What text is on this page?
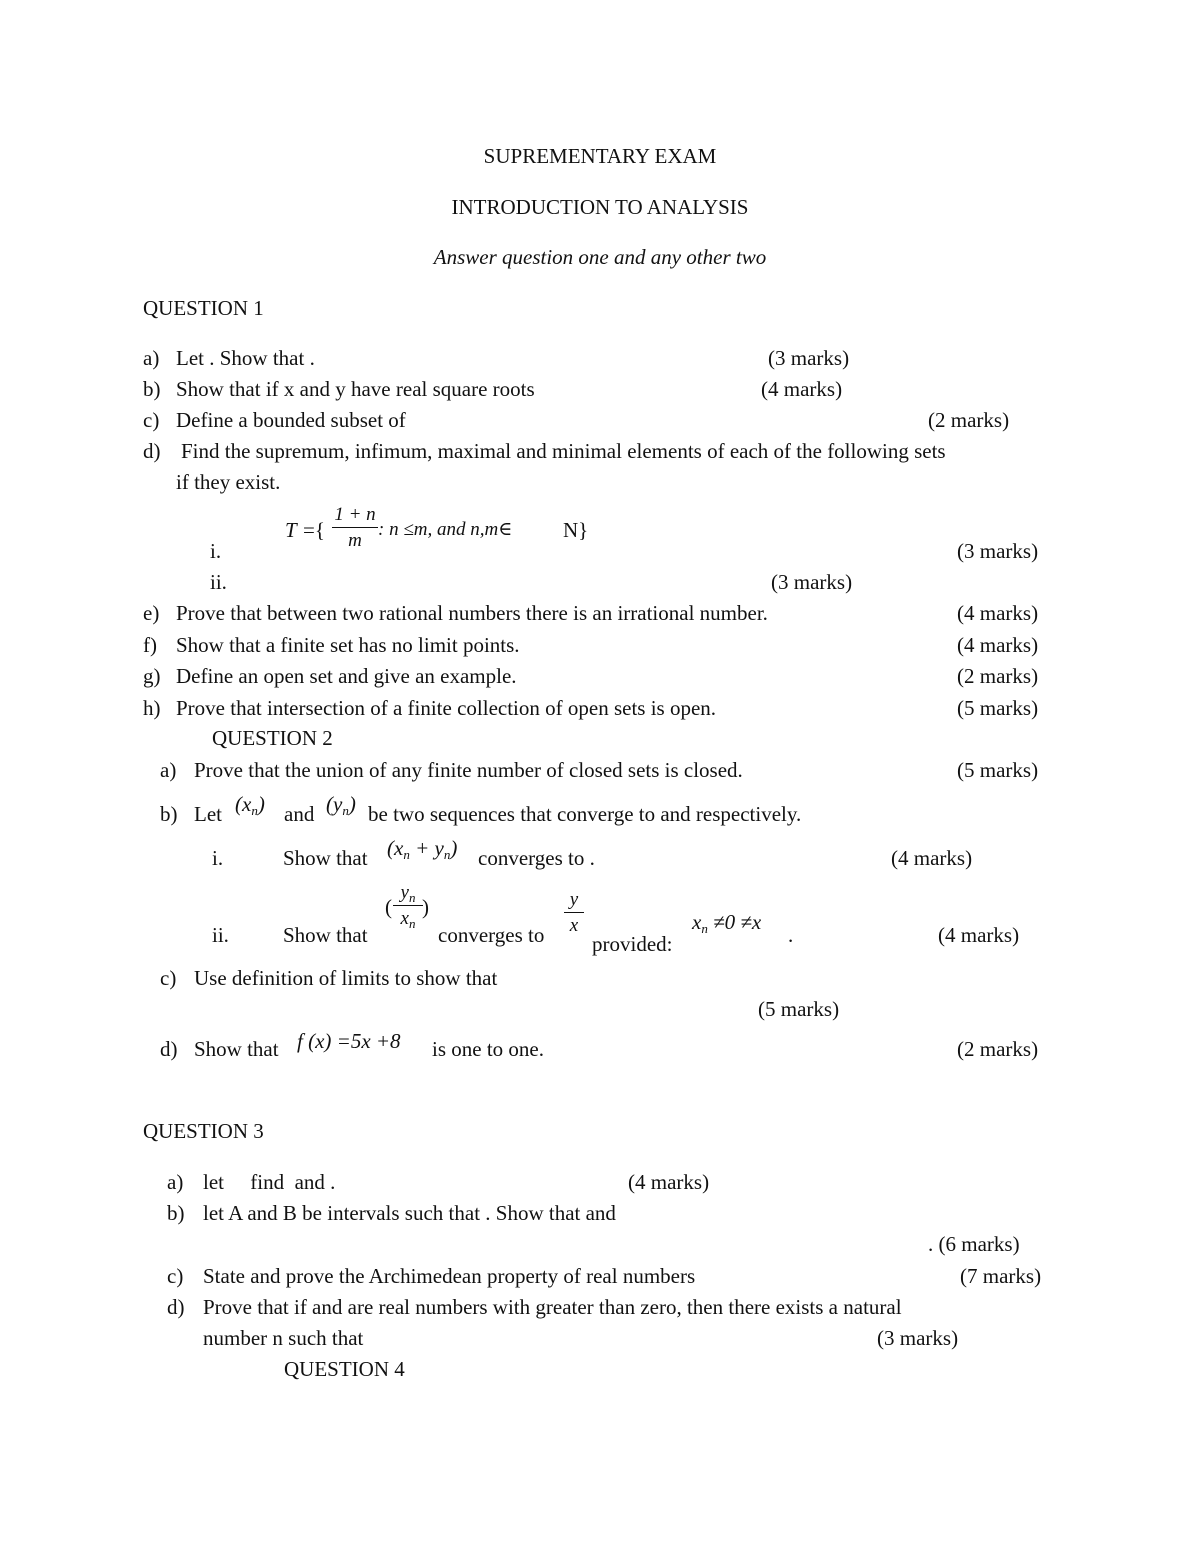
SUPREMENTARY EXAM
INTRODUCTION TO ANALYSIS
Answer question one and any other two
QUESTION 1
a) Let . Show that .	(3 marks)
b) Show that if x and y have real square roots	(4 marks)
c) Define a bounded subset of	(2 marks)
d) Find the supremum, infimum, maximal and minimal elements of each of the following sets
if they exist.
T ={
1 + n
m
: n ≤m, and n,m∈ N}
i.	(3 marks)
ii.	(3 marks)
e) Prove that between two rational numbers there is an irrational number.	(4 marks)
f) Show that a finite set has no limit points.	(4 marks)
g) Define an open set and give an example.	(2 marks)
h) Prove that intersection of a finite collection of open sets is open.	(5 marks)
QUESTION 2
a) Prove that the union of any finite number of closed sets is closed.	(5 marks)
b) Let (xn) and (yn) be two sequences that converge to and respectively.
i.	Show that (xn + yn) converges to .	(4 marks)
ii.	Show that
(
$y_n$
$x_n$
)
converges to
y
x
provided:
xn ≠0 ≠x
.	(4 marks)
c) Use definition of limits to show that
(5 marks)
d) Show that f (x) =5x +8 is one to one.	(2 marks)
QUESTION 3
a) let     find  and .	(4 marks)
b) let A and B be intervals such that . Show that and
. (6 marks)
c) State and prove the Archimedean property of real numbers	(7 marks)
d) Prove that if and are real numbers with greater than zero, then there exists a natural
number n such that	(3 marks)
QUESTION 4
